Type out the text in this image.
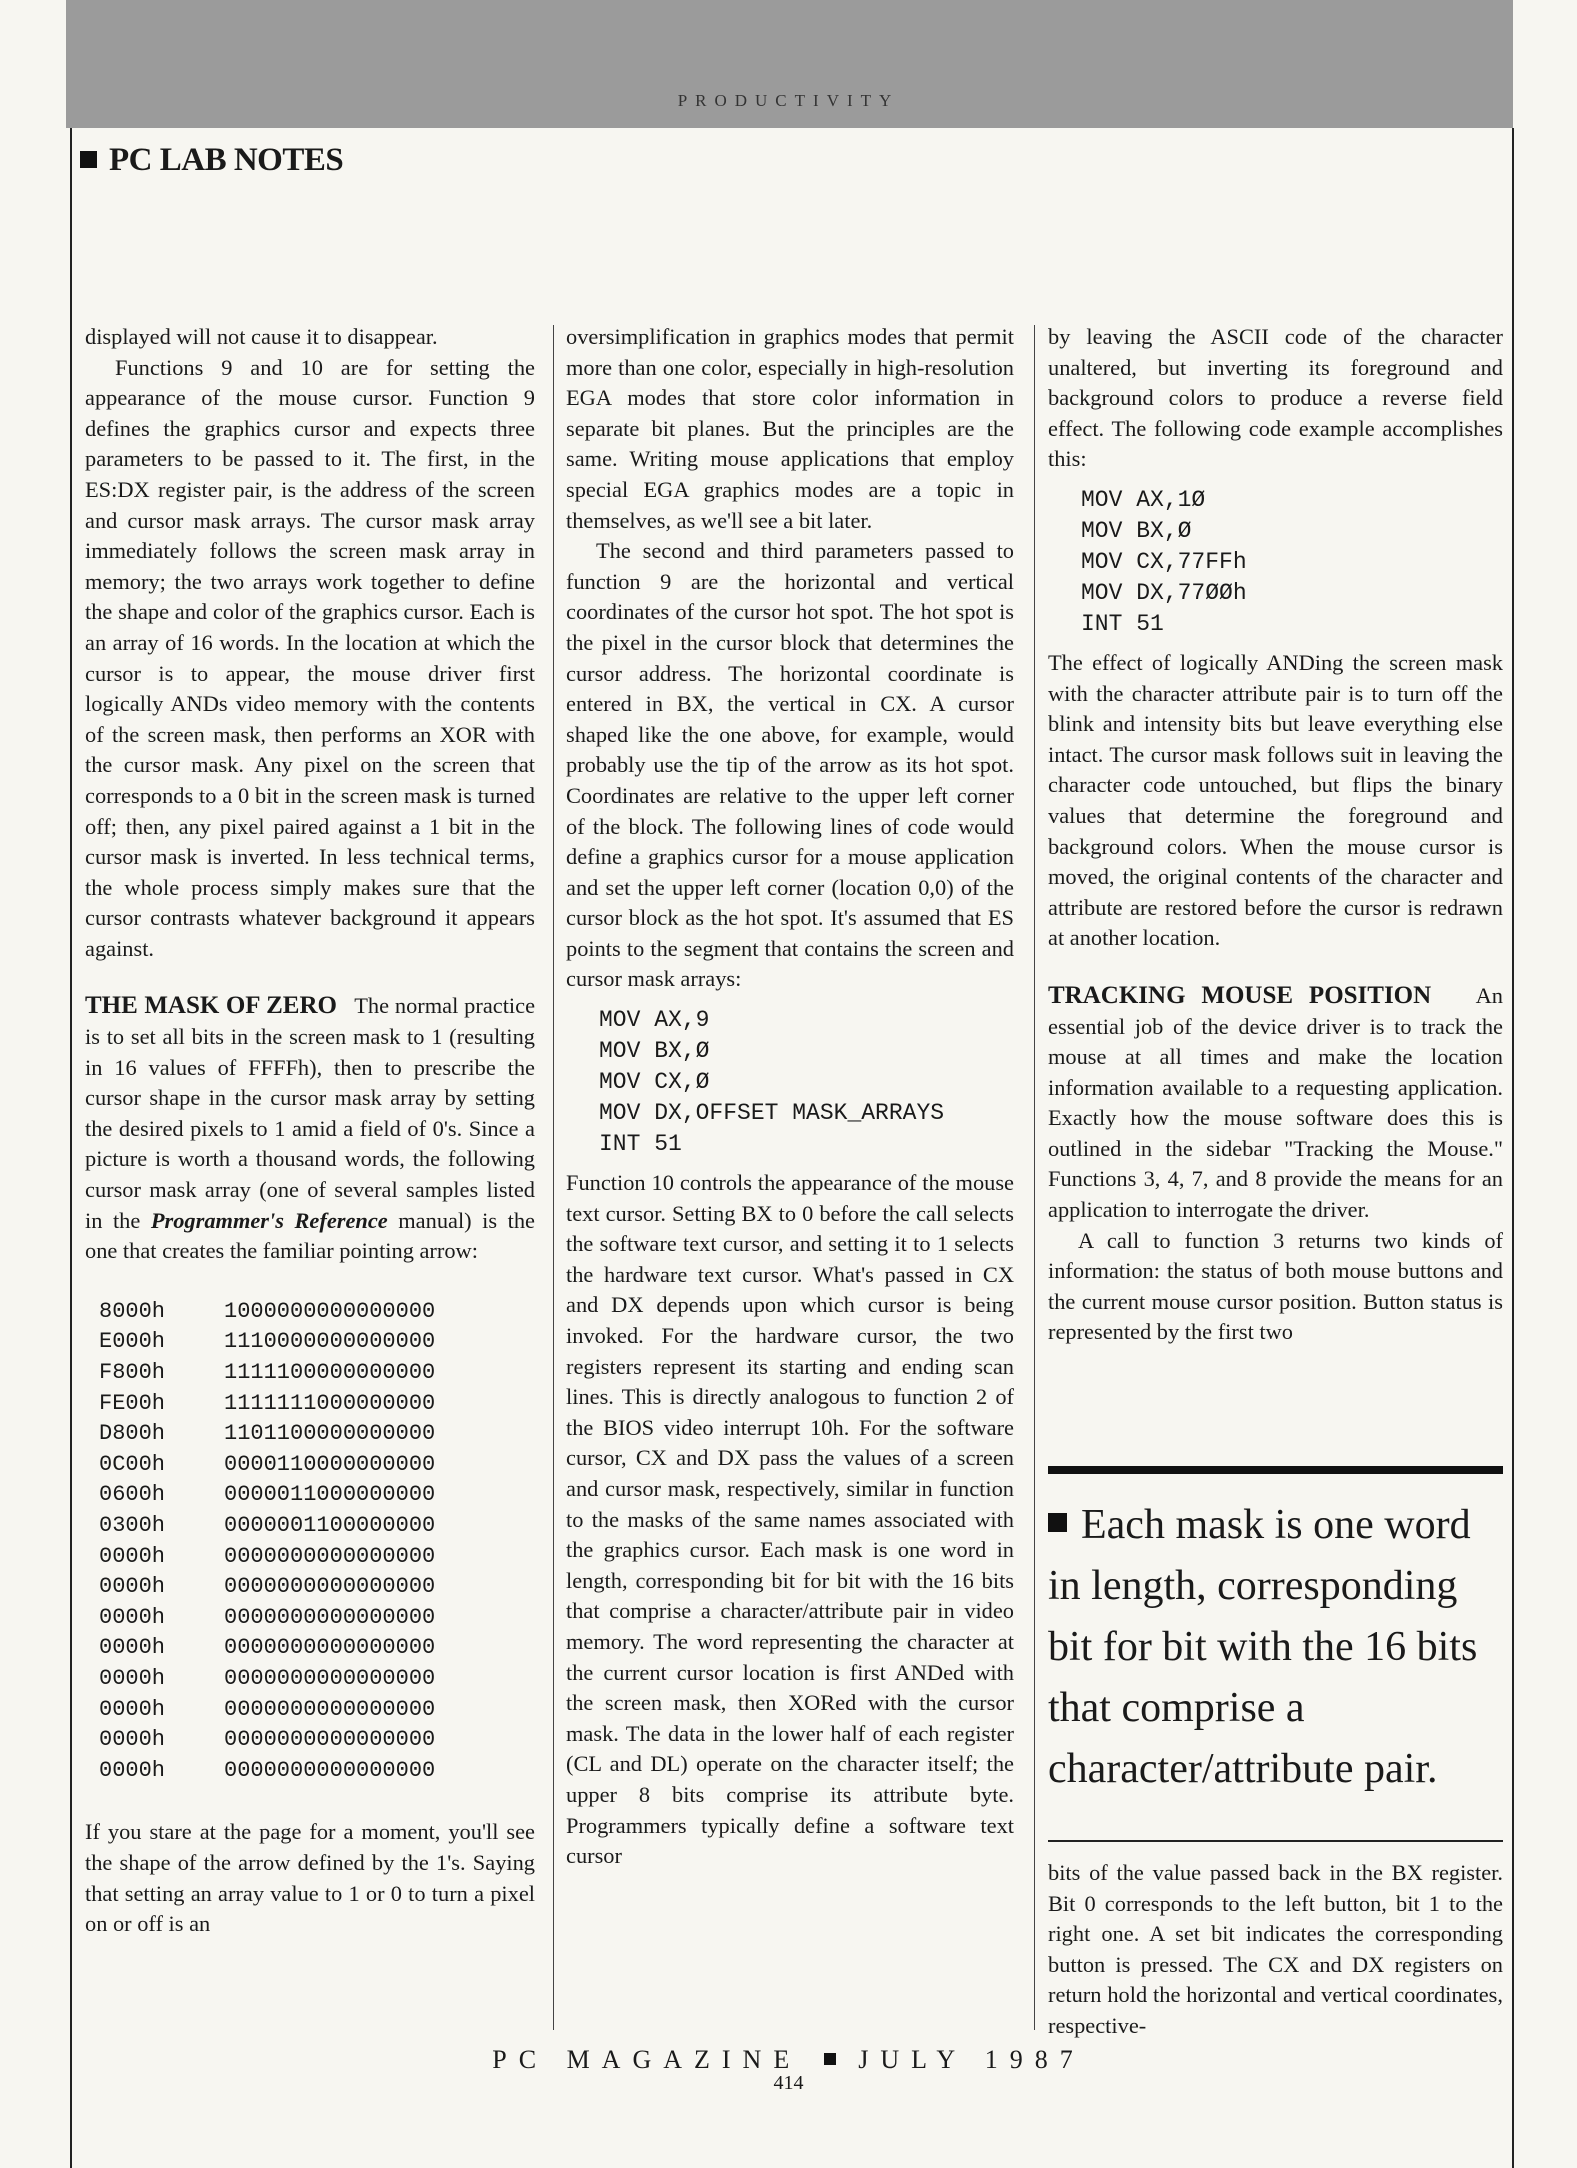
PRODUCTIVITY
PC LAB NOTES

displayed will not cause it to disappear.

Functions 9 and 10 are for setting the appearance of the mouse cursor. Function 9 defines the graphics cursor and expects three parameters to be passed to it. The first, in the ES:DX register pair, is the address of the screen and cursor mask arrays. The cursor mask array immediately follows the screen mask array in memory; the two arrays work together to define the shape and color of the graphics cursor. Each is an array of 16 words. In the location at which the cursor is to appear, the mouse driver first logically ANDs video memory with the contents of the screen mask, then performs an XOR with the cursor mask. Any pixel on the screen that corresponds to a 0 bit in the screen mask is turned off; then, any pixel paired against a 1 bit in the cursor mask is inverted. In less technical terms, the whole process simply makes sure that the cursor contrasts whatever background it appears against.

THE MASK OF ZERO The normal practice is to set all bits in the screen mask to 1 (resulting in 16 values of FFFFh), then to prescribe the cursor shape in the cursor mask array by setting the desired pixels to 1 amid a field of 0's. Since a picture is worth a thousand words, the following cursor mask array (one of several samples listed in the Programmer's Reference manual) is the one that creates the familiar pointing arrow:

8000h	1000000000000000
E000h	1110000000000000
F800h	1111100000000000
FE00h	1111111000000000
D800h	1101100000000000
0C00h	0000110000000000
0600h	0000011000000000
0300h	0000001100000000
0000h	0000000000000000
0000h	0000000000000000
0000h	0000000000000000
0000h	0000000000000000
0000h	0000000000000000
0000h	0000000000000000
0000h	0000000000000000
0000h	0000000000000000

If you stare at the page for a moment, you'll see the shape of the arrow defined by the 1's. Saying that setting an array value to 1 or 0 to turn a pixel on or off is an

oversimplification in graphics modes that permit more than one color, especially in high-resolution EGA modes that store color information in separate bit planes. But the principles are the same. Writing mouse applications that employ special EGA graphics modes are a topic in themselves, as we'll see a bit later.

The second and third parameters passed to function 9 are the horizontal and vertical coordinates of the cursor hot spot. The hot spot is the pixel in the cursor block that determines the cursor address. The horizontal coordinate is entered in BX, the vertical in CX. A cursor shaped like the one above, for example, would probably use the tip of the arrow as its hot spot. Coordinates are relative to the upper left corner of the block. The following lines of code would define a graphics cursor for a mouse application and set the upper left corner (location 0,0) of the cursor block as the hot spot. It's assumed that ES points to the segment that contains the screen and cursor mask arrays:

MOV AX,9
MOV BX,Ø
MOV CX,Ø
MOV DX,OFFSET MASK_ARRAYS
INT 51

Function 10 controls the appearance of the mouse text cursor. Setting BX to 0 before the call selects the software text cursor, and setting it to 1 selects the hardware text cursor. What's passed in CX and DX depends upon which cursor is being invoked. For the hardware cursor, the two registers represent its starting and ending scan lines. This is directly analogous to function 2 of the BIOS video interrupt 10h. For the software cursor, CX and DX pass the values of a screen and cursor mask, respectively, similar in function to the masks of the same names associated with the graphics cursor. Each mask is one word in length, corresponding bit for bit with the 16 bits that comprise a character/attribute pair in video memory. The word representing the character at the current cursor location is first ANDed with the screen mask, then XORed with the cursor mask. The data in the lower half of each register (CL and DL) operate on the character itself; the upper 8 bits comprise its attribute byte. Programmers typically define a software text cursor

by leaving the ASCII code of the character unaltered, but inverting its foreground and background colors to produce a reverse field effect. The following code example accomplishes this:

MOV AX,1Ø
MOV BX,Ø
MOV CX,77FFh
MOV DX,77ØØh
INT 51

The effect of logically ANDing the screen mask with the character attribute pair is to turn off the blink and intensity bits but leave everything else intact. The cursor mask follows suit in leaving the character code untouched, but flips the binary values that determine the foreground and background colors. When the mouse cursor is moved, the original contents of the character and attribute are restored before the cursor is redrawn at another location.

TRACKING MOUSE POSITION An essential job of the device driver is to track the mouse at all times and make the location information available to a requesting application. Exactly how the mouse software does this is outlined in the sidebar "Tracking the Mouse." Functions 3, 4, 7, and 8 provide the means for an application to interrogate the driver.

A call to function 3 returns two kinds of information: the status of both mouse buttons and the current mouse cursor position. Button status is represented by the first two

Each mask is one word in length, corresponding bit for bit with the 16 bits that comprise a character/attribute pair.

bits of the value passed back in the BX register. Bit 0 corresponds to the left button, bit 1 to the right one. A set bit indicates the corresponding button is pressed. The CX and DX registers on return hold the horizontal and vertical coordinates, respective-

PC MAGAZINE JULY 1987
414
